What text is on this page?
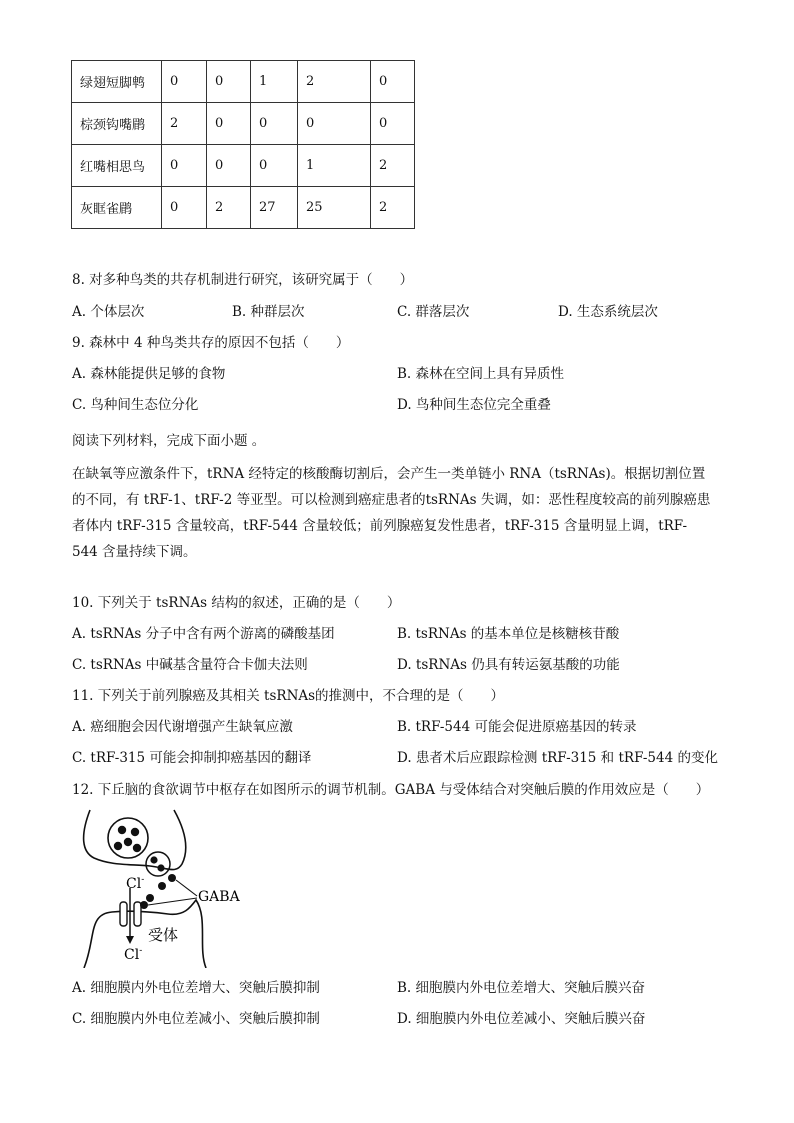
绿翅短脚鹎	0	0	1	2	0
棕颈钩嘴鹛	2	0	0	0	0
红嘴相思鸟	0	0	0	1	2
灰眶雀鹛	0	2	27	25	2
8. 对多种鸟类的共存机制进行研究，该研究属于（　　）
A. 个体层次	B. 种群层次	C. 群落层次	D. 生态系统层次
9. 森林中 4 种鸟类共存的原因不包括（　　）
A. 森林能提供足够的食物	B. 森林在空间上具有异质性
C. 鸟种间生态位分化	D. 鸟种间生态位完全重叠
阅读下列材料，完成下面小题 。
在缺氧等应激条件下，tRNA 经特定的核酸酶切割后，会产生一类单链小 RNA（tsRNAs)。根据切割位置的不同，有 tRF-1、tRF-2 等亚型。可以检测到癌症患者的tsRNAs 失调，如：恶性程度较高的前列腺癌患者体内 tRF-315 含量较高，tRF-544 含量较低；前列腺癌复发性患者，tRF-315 含量明显上调，tRF-544 含量持续下调。
10. 下列关于 tsRNAs 结构的叙述，正确的是（　　）
A. tsRNAs 分子中含有两个游离的磷酸基团	B. tsRNAs 的基本单位是核糖核苷酸
C. tsRNAs 中碱基含量符合卡伽夫法则	D. tsRNAs 仍具有转运氨基酸的功能
11. 下列关于前列腺癌及其相关 tsRNAs的推测中，不合理的是（　　）
A. 癌细胞会因代谢增强产生缺氧应激	B. tRF-544 可能会促进原癌基因的转录
C. tRF-315 可能会抑制抑癌基因的翻译	D. 患者术后应跟踪检测 tRF-315 和 tRF-544 的变化
12. 下丘脑的食欲调节中枢存在如图所示的调节机制。GABA 与受体结合对突触后膜的作用效应是（　　）
Cl-
Cl-
GABA
受体
A. 细胞膜内外电位差增大、突触后膜抑制	B. 细胞膜内外电位差增大、突触后膜兴奋
C. 细胞膜内外电位差减小、突触后膜抑制	D. 细胞膜内外电位差减小、突触后膜兴奋
